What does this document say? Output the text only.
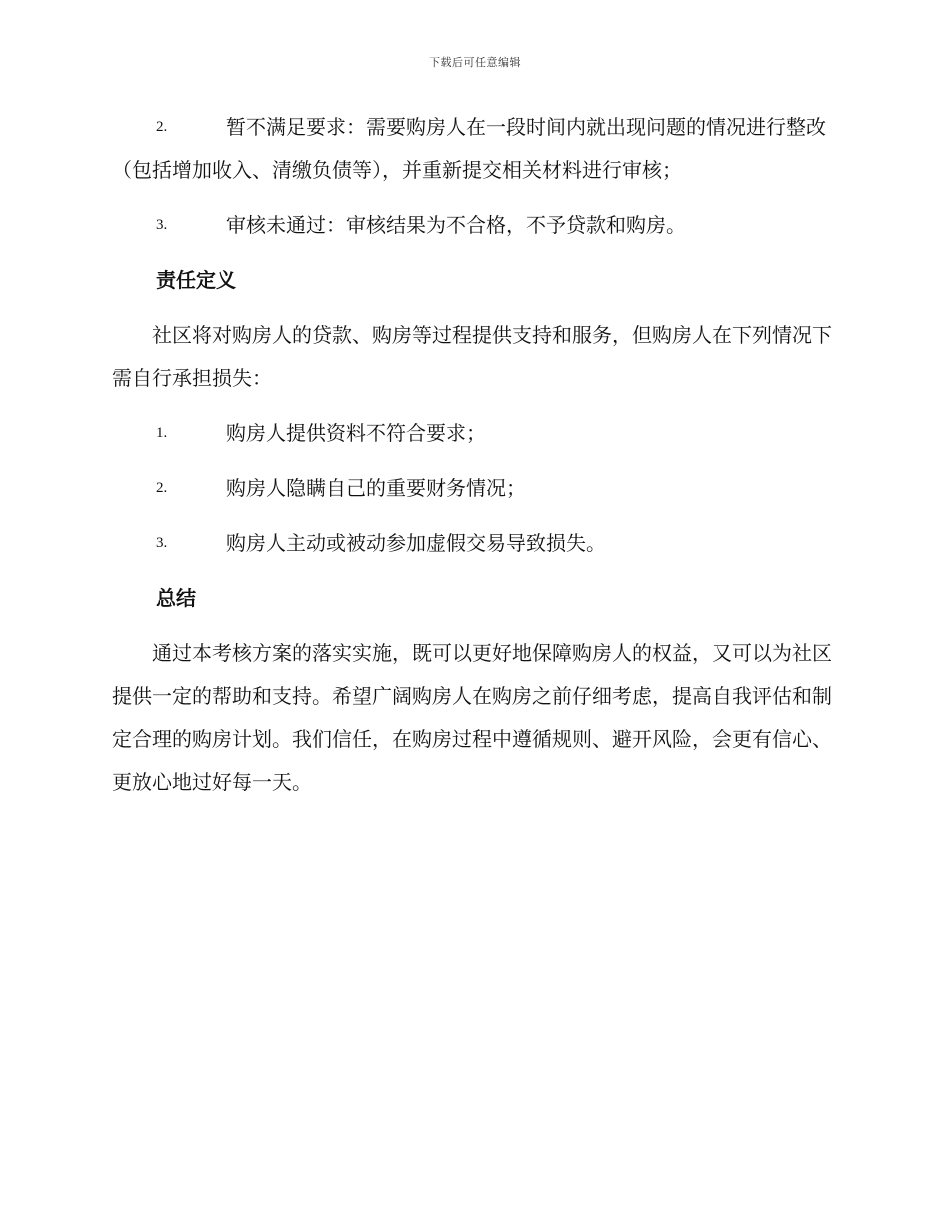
下载后可任意编辑
2.	暂不满足要求：需要购房人在一段时间内就出现问题的情况进行整改（包括增加收入、清缴负债等），并重新提交相关材料进行审核；
3.	审核未通过：审核结果为不合格，不予贷款和购房。
责任定义

社区将对购房人的贷款、购房等过程提供支持和服务，但购房人在下列情况下需自行承担损失：

1.	购房人提供资料不符合要求；
2.	购房人隐瞒自己的重要财务情况；
3.	购房人主动或被动参加虚假交易导致损失。
总结

通过本考核方案的落实实施，既可以更好地保障购房人的权益，又可以为社区提供一定的帮助和支持。希望广阔购房人在购房之前仔细考虑，提高自我评估和制定合理的购房计划。我们信任，在购房过程中遵循规则、避开风险，会更有信心、更放心地过好每一天。
